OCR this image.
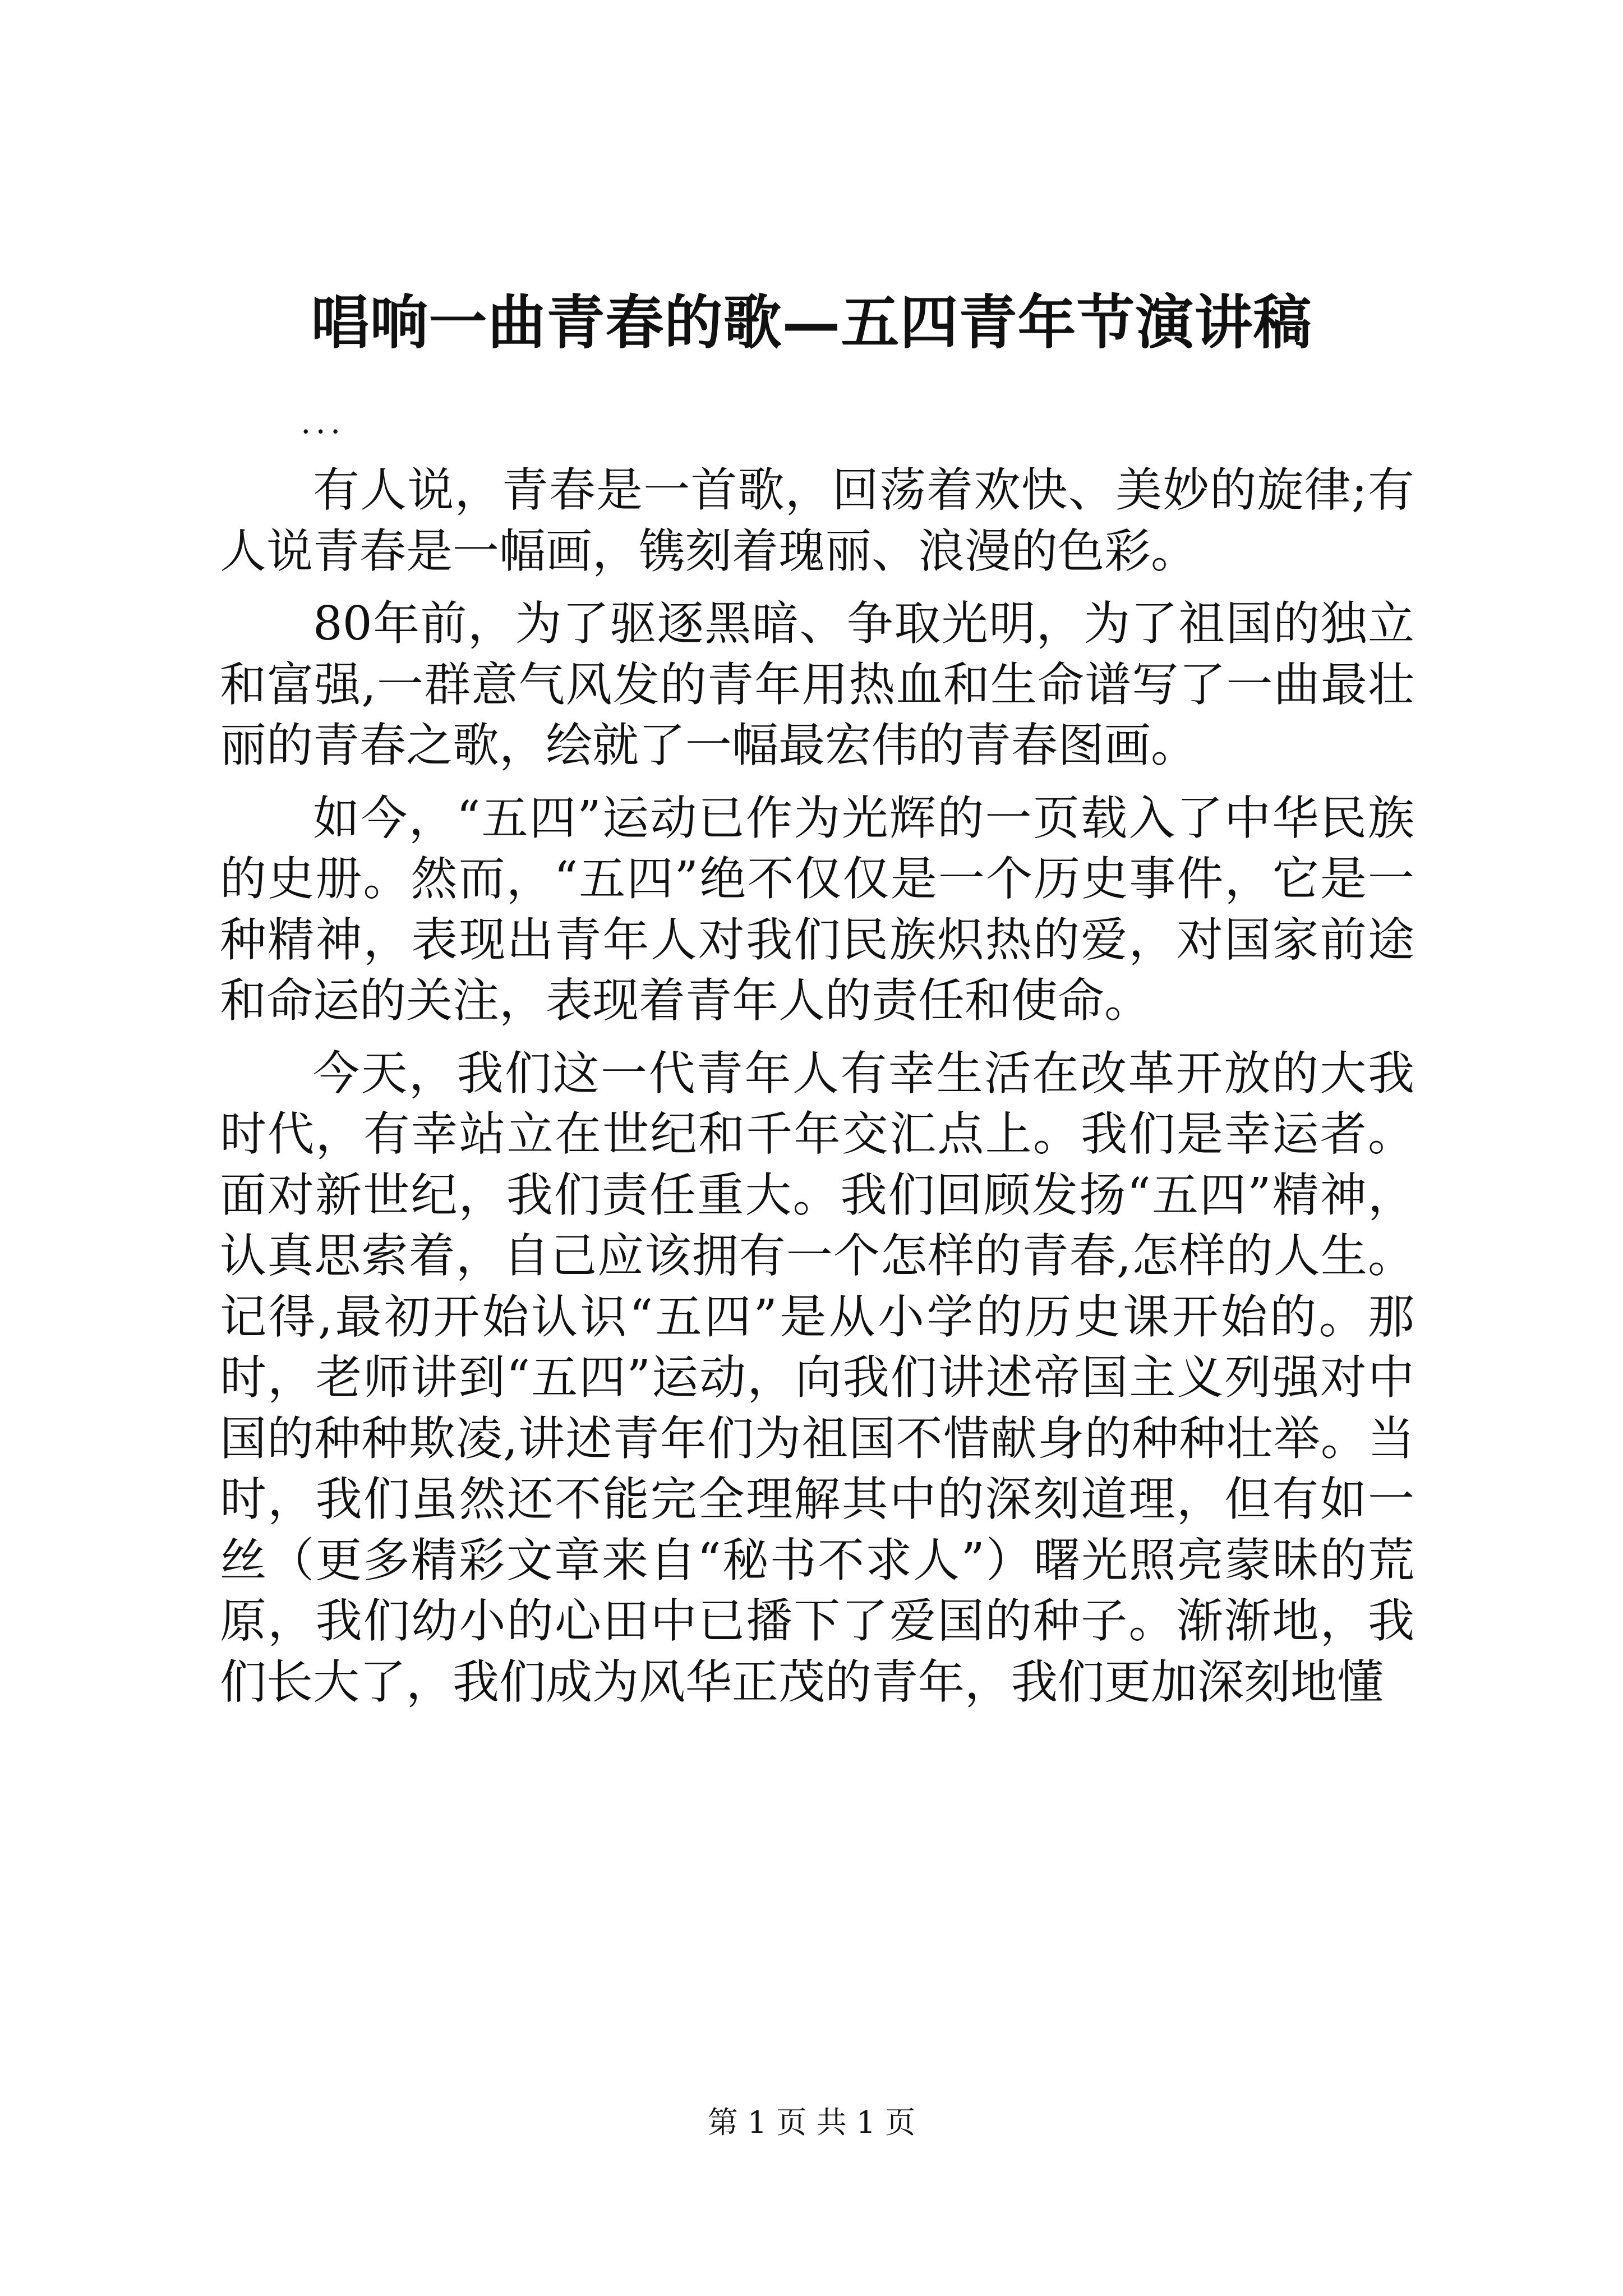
唱响一曲青春的歌—五四青年节演讲稿
...

有人说，青春是一首歌，回荡着欢快、美妙的旋律;有人说青春是一幅画，镌刻着瑰丽、浪漫的色彩。

80年前，为了驱逐黑暗、争取光明，为了祖国的独立和富强,一群意气风发的青年用热血和生命谱写了一曲最壮丽的青春之歌，绘就了一幅最宏伟的青春图画。

如今，“五四”运动已作为光辉的一页载入了中华民族的史册。然而，“五四”绝不仅仅是一个历史事件，它是一种精神，表现出青年人对我们民族炽热的爱，对国家前途和命运的关注，表现着青年人的责任和使命。

今天，我们这一代青年人有幸生活在改革开放的大我时代，有幸站立在世纪和千年交汇点上。我们是幸运者。面对新世纪，我们责任重大。我们回顾发扬“五四”精神，认真思索着，自己应该拥有一个怎样的青春,怎样的人生。记得,最初开始认识“五四”是从小学的历史课开始的。那时，老师讲到“五四”运动，向我们讲述帝国主义列强对中国的种种欺凌,讲述青年们为祖国不惜献身的种种壮举。当时，我们虽然还不能完全理解其中的深刻道理，但有如一丝（更多精彩文章来自“秘书不求人”）曙光照亮蒙昧的荒原，我们幼小的心田中已播下了爱国的种子。渐渐地，我们长大了，我们成为风华正茂的青年，我们更加深刻地懂

第 1 页 共 1 页
